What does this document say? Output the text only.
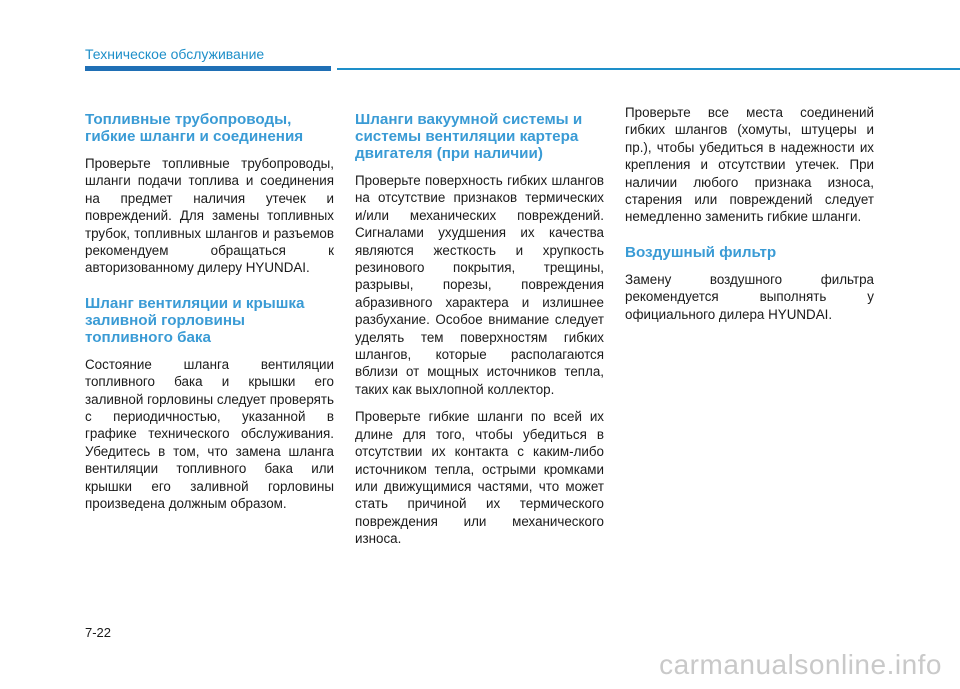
Техническое обслуживание
Топливные трубопроводы, гибкие шланги и соединения

Проверьте топливные трубопроводы, шланги подачи топлива и соединения на предмет наличия утечек и повреждений. Для замены топливных трубок, топливных шлангов и разъемов рекомендуем обращаться к авторизованному дилеру HYUNDAI.

Шланг вентиляции и крышка заливной горловины топливного бака

Состояние шланга вентиляции топливного бака и крышки его заливной горловины следует проверять с периодичностью, указанной в графике технического обслуживания. Убедитесь в том, что замена шланга вентиляции топливного бака или крышки его заливной горловины произведена должным образом.

Шланги вакуумной системы и системы вентиляции картера двигателя (при наличии)

Проверьте поверхность гибких шлангов на отсутствие признаков термических и/или механических повреждений. Сигналами ухудшения их качества являются жесткость и хрупкость резинового покрытия, трещины, разрывы, порезы, повреждения абразивного характера и излишнее разбухание. Особое внимание следует уделять тем поверхностям гибких шлангов, которые располагаются вблизи от мощных источников тепла, таких как выхлопной коллектор.

Проверьте гибкие шланги по всей их длине для того, чтобы убедиться в отсутствии их контакта с каким-либо источником тепла, острыми кромками или движущимися частями, что может стать причиной их термического повреждения или механического износа.

Проверьте все места соединений гибких шлангов (хомуты, штуцеры и пр.), чтобы убедиться в надежности их крепления и отсутствии утечек. При наличии любого признака износа, старения или повреждений следует немедленно заменить гибкие шланги.

Воздушный фильтр

Замену воздушного фильтра рекомендуется выполнять у официального дилера HYUNDAI.

7-22
carmanualsonline.info
